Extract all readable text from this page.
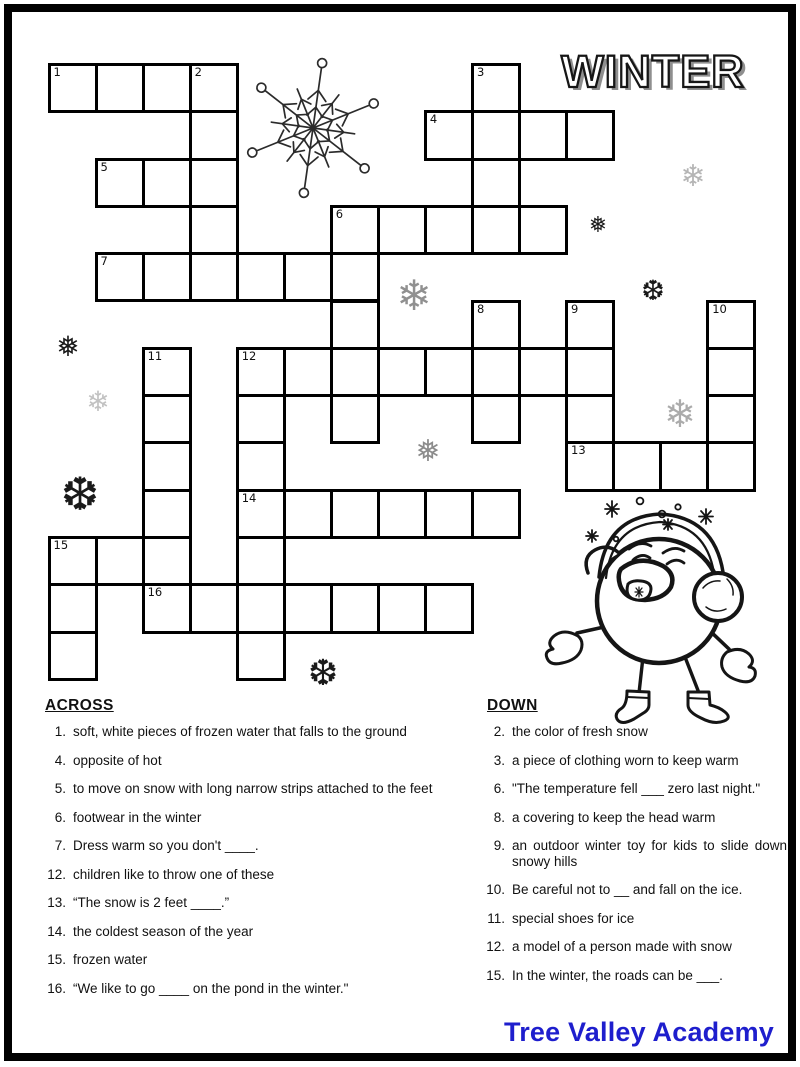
❄
❅
❆
❄
❅
❄
❆
❅
❄
❆
1	2	3
4
5
6
7
8	9	10
11	12
13
14
15
16
WINTER
ACROSS
1. soft, white pieces of frozen water that falls to the ground
4. opposite of hot
5. to move on snow with long narrow strips attached to the feet
6. footwear in the winter
7. Dress warm so you don't ____.
12. children like to throw one of these
13. “The snow is 2 feet ____.”
14. the coldest season of the year
15. frozen water
16. “We like to go ____ on the pond in the winter."
DOWN
2. the color of fresh snow
3. a piece of clothing worn to keep warm
6. "The temperature fell ___ zero last night."
8. a covering to keep the head warm
9. an outdoor winter toy for kids to slide down snowy hills
10. Be careful not to __ and fall on the ice.
11. special shoes for ice
12. a model of a person made with snow
15. In the winter, the roads can be ___.
Tree Valley Academy
